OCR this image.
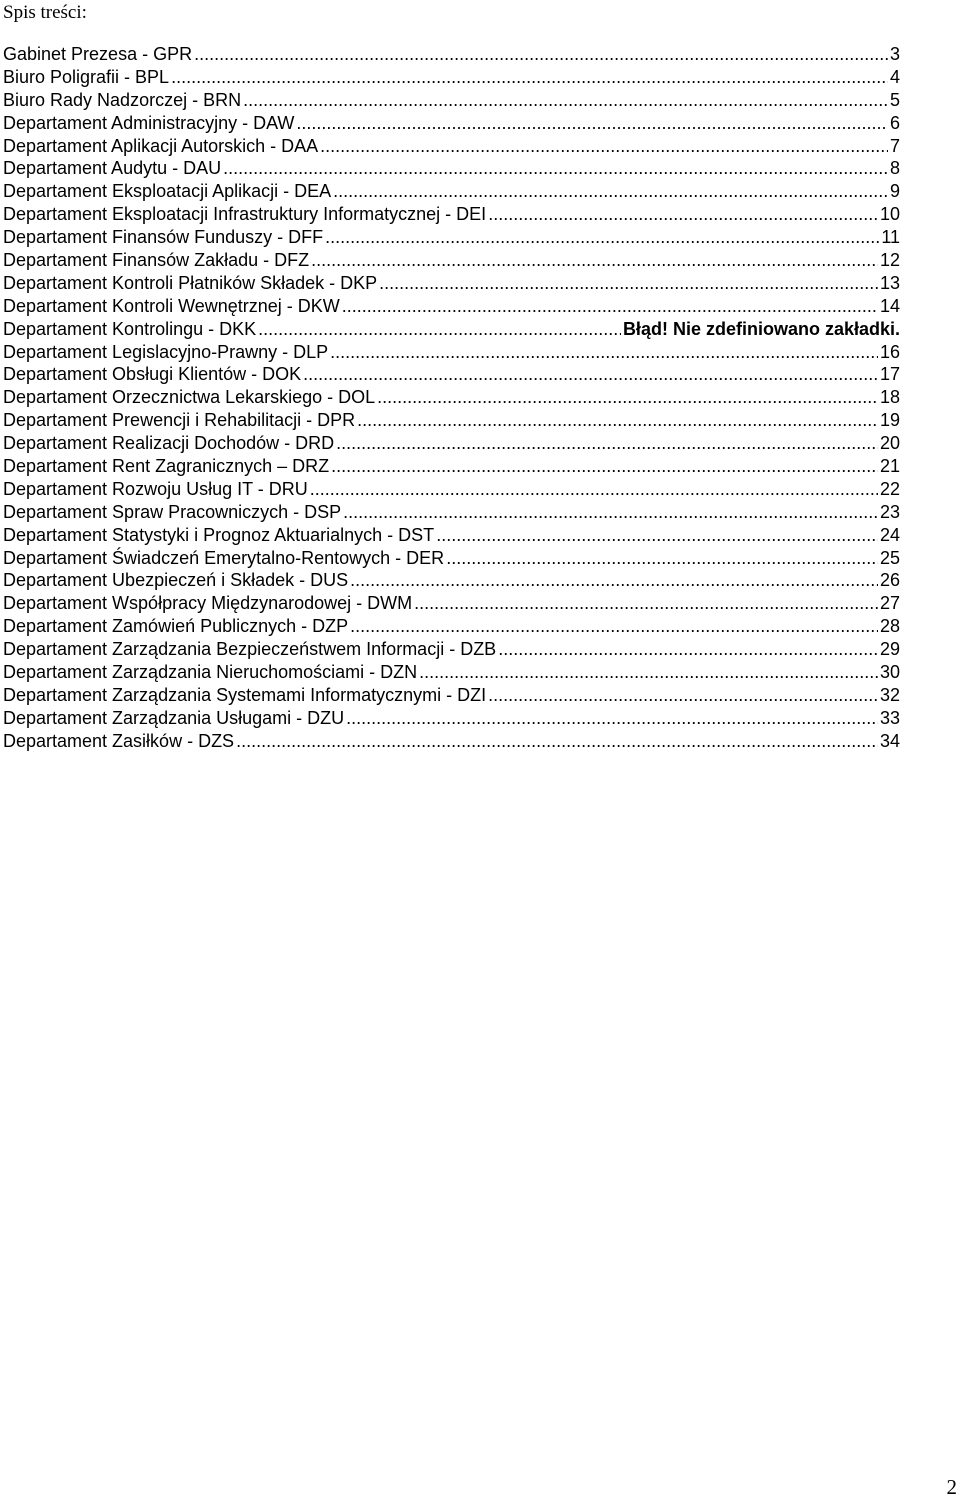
Spis treści:
Gabinet Prezesa - GPR .....	3
Biuro Poligrafii - BPL .....	4
Biuro Rady Nadzorczej - BRN .....	5
Departament Administracyjny - DAW .....	6
Departament Aplikacji Autorskich - DAA .....	7
Departament Audytu - DAU .....	8
Departament Eksploatacji Aplikacji - DEA .....	9
Departament Eksploatacji Infrastruktury Informatycznej - DEI .....	10
Departament Finansów Funduszy - DFF .....	11
Departament Finansów Zakładu - DFZ .....	12
Departament Kontroli Płatników Składek - DKP .....	13
Departament Kontroli Wewnętrznej - DKW .....	14
Departament Kontrolingu - DKK .....	Błąd! Nie zdefiniowano zakładki.
Departament Legislacyjno-Prawny - DLP .....	16
Departament Obsługi Klientów - DOK .....	17
Departament Orzecznictwa Lekarskiego - DOL .....	18
Departament Prewencji i Rehabilitacji - DPR .....	19
Departament Realizacji Dochodów - DRD .....	20
Departament Rent Zagranicznych – DRZ .....	21
Departament Rozwoju Usług IT - DRU .....	22
Departament Spraw Pracowniczych - DSP .....	23
Departament Statystyki i Prognoz Aktuarialnych - DST .....	24
Departament Świadczeń Emerytalno-Rentowych - DER .....	25
Departament Ubezpieczeń i Składek - DUS .....	26
Departament Współpracy Międzynarodowej - DWM .....	27
Departament Zamówień Publicznych - DZP .....	28
Departament Zarządzania Bezpieczeństwem Informacji - DZB .....	29
Departament Zarządzania Nieruchomościami - DZN .....	30
Departament Zarządzania Systemami Informatycznymi - DZI .....	32
Departament Zarządzania Usługami - DZU .....	33
Departament Zasiłków - DZS .....	34
2
